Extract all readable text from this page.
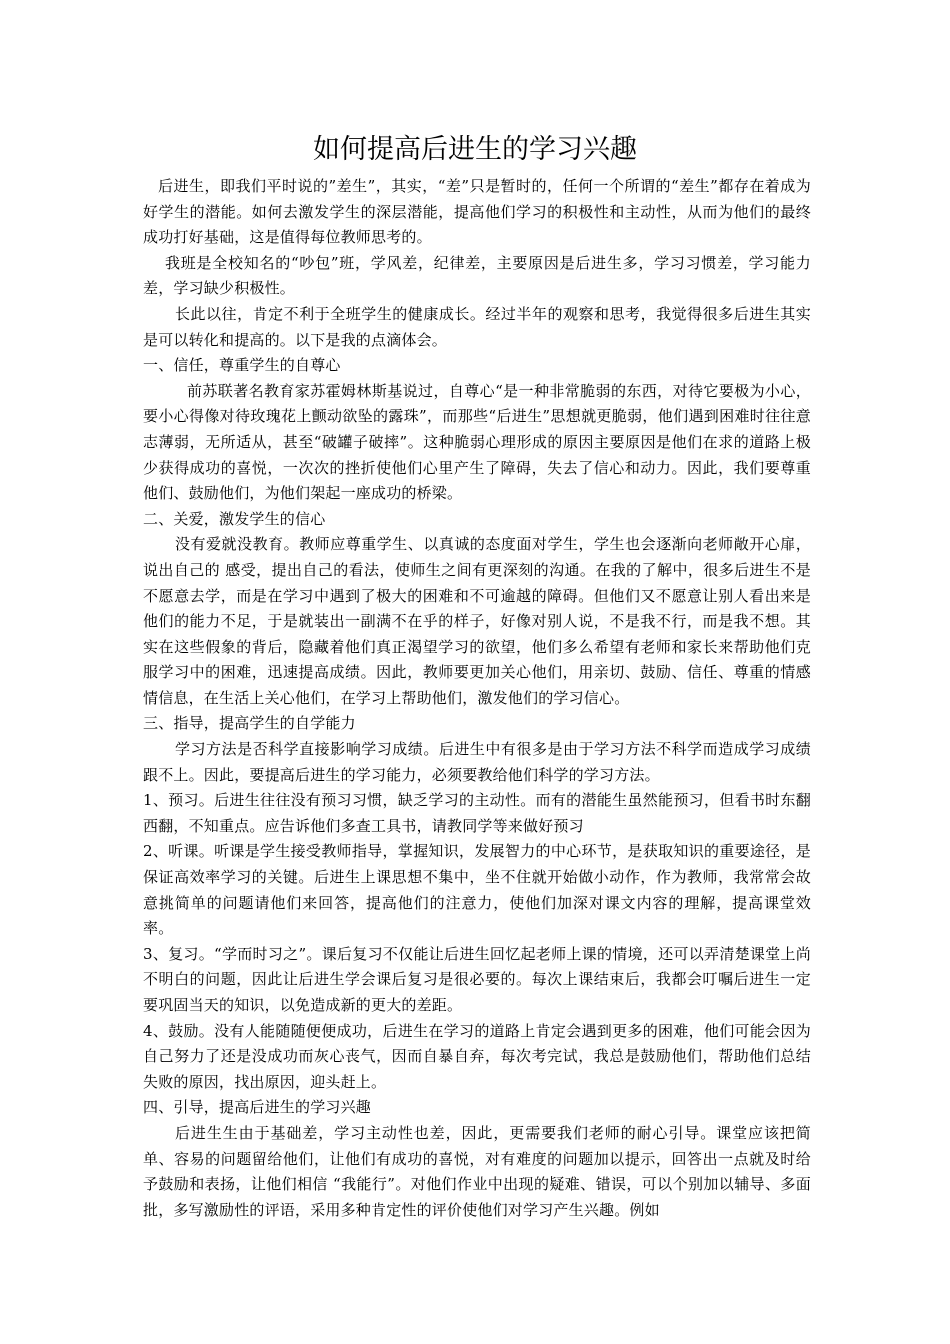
如何提高后进生的学习兴趣

后进生，即我们平时说的”差生”，其实，“差”只是暂时的，任何一个所谓的“差生”都存在着成为好学生的潜能。如何去激发学生的深层潜能，提高他们学习的积极性和主动性，从而为他们的最终成功打好基础，这是值得每位教师思考的。

我班是全校知名的“吵包”班，学风差，纪律差，主要原因是后进生多，学习习惯差，学习能力差，学习缺少积极性。

长此以往，肯定不利于全班学生的健康成长。经过半年的观察和思考，我觉得很多后进生其实是可以转化和提高的。以下是我的点滴体会。

一、信任，尊重学生的自尊心

前苏联著名教育家苏霍姆林斯基说过，自尊心“是一种非常脆弱的东西，对待它要极为小心，要小心得像对待玫瑰花上颤动欲坠的露珠”，而那些“后进生”思想就更脆弱，他们遇到困难时往往意志薄弱，无所适从，甚至“破罐子破摔”。这种脆弱心理形成的原因主要原因是他们在求的道路上极少获得成功的喜悦，一次次的挫折使他们心里产生了障碍，失去了信心和动力。因此，我们要尊重他们、鼓励他们，为他们架起一座成功的桥梁。

二、关爱，激发学生的信心

没有爱就没教育。教师应尊重学生、以真诚的态度面对学生，学生也会逐渐向老师敞开心扉，说出自己的 感受，提出自己的看法，使师生之间有更深刻的沟通。在我的了解中，很多后进生不是不愿意去学，而是在学习中遇到了极大的困难和不可逾越的障碍。但他们又不愿意让别人看出来是他们的能力不足，于是就装出一副满不在乎的样子，好像对别人说，不是我不行，而是我不想。其实在这些假象的背后，隐藏着他们真正渴望学习的欲望，他们多么希望有老师和家长来帮助他们克服学习中的困难，迅速提高成绩。因此，教师要更加关心他们，用亲切、鼓励、信任、尊重的情感情信息，在生活上关心他们，在学习上帮助他们，激发他们的学习信心。

三、指导，提高学生的自学能力

学习方法是否科学直接影响学习成绩。后进生中有很多是由于学习方法不科学而造成学习成绩跟不上。因此，要提高后进生的学习能力，必须要教给他们科学的学习方法。

1、预习。后进生往往没有预习习惯，缺乏学习的主动性。而有的潜能生虽然能预习，但看书时东翻西翻，不知重点。应告诉他们多查工具书，请教同学等来做好预习

2、听课。听课是学生接受教师指导，掌握知识，发展智力的中心环节，是获取知识的重要途径，是保证高效率学习的关键。后进生上课思想不集中，坐不住就开始做小动作，作为教师，我常常会故意挑简单的问题请他们来回答，提高他们的注意力，使他们加深对课文内容的理解，提高课堂效率。

3、复习。“学而时习之”。课后复习不仅能让后进生回忆起老师上课的情境，还可以弄清楚课堂上尚不明白的问题，因此让后进生学会课后复习是很必要的。每次上课结束后，我都会叮嘱后进生一定要巩固当天的知识，以免造成新的更大的差距。

4、鼓励。没有人能随随便便成功，后进生在学习的道路上肯定会遇到更多的困难，他们可能会因为自己努力了还是没成功而灰心丧气，因而自暴自弃，每次考完试，我总是鼓励他们，帮助他们总结失败的原因，找出原因，迎头赶上。

四、引导，提高后进生的学习兴趣

后进生生由于基础差，学习主动性也差，因此，更需要我们老师的耐心引导。课堂应该把简单、容易的问题留给他们，让他们有成功的喜悦，对有难度的问题加以提示，回答出一点就及时给予鼓励和表扬，让他们相信 “我能行”。对他们作业中出现的疑难、错误，可以个别加以辅导、多面批，多写激励性的评语，采用多种肯定性的评价使他们对学习产生兴趣。例如
